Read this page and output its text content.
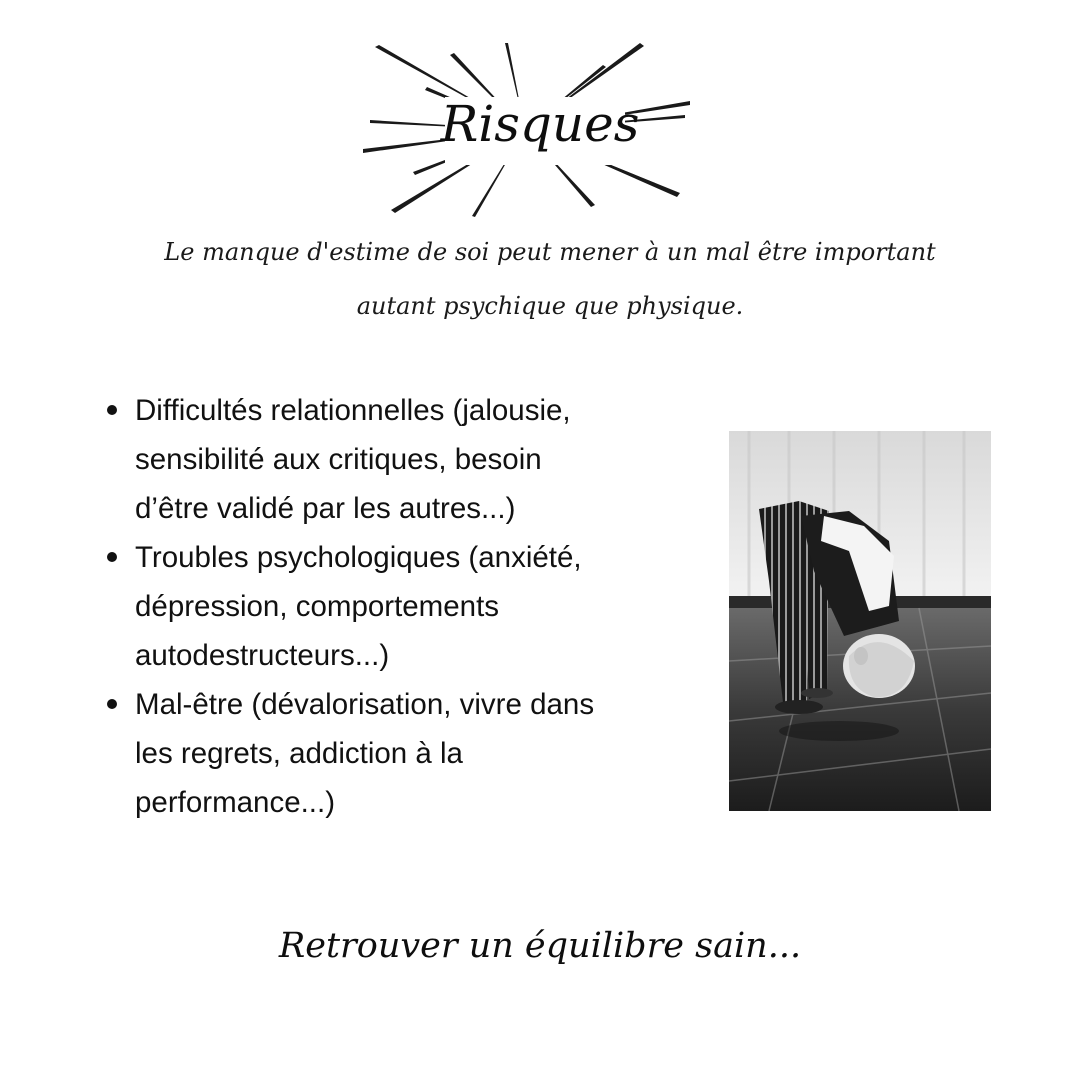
Risques
Le manque d'estime de soi peut mener à un mal être important
autant psychique que physique.
Difficultés relationnelles (jalousie,
sensibilité aux critiques, besoin
d’être validé par les autres...)
Troubles psychologiques (anxiété,
dépression, comportements
autodestructeurs...)
Mal-être (dévalorisation, vivre dans
les regrets, addiction à la
performance...)
Retrouver un équilibre sain...
